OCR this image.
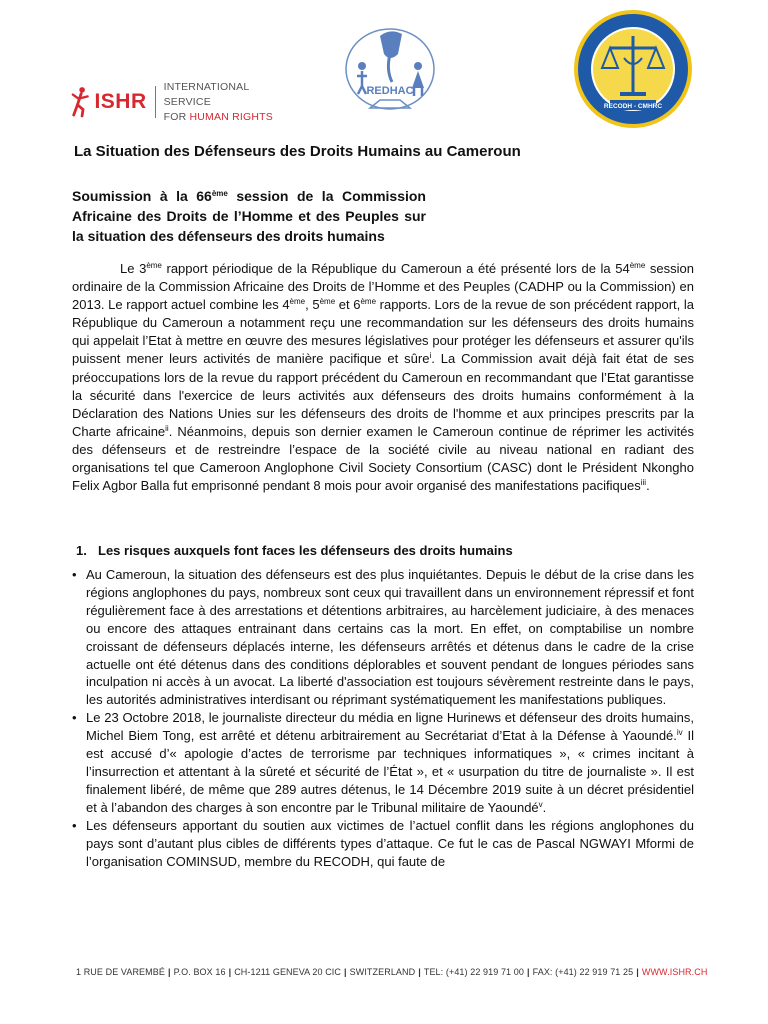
ISHR
INTERNATIONAL SERVICE
FOR HUMAN RIGHTS
REDHAC
RECODH - CMHRC
La Situation des Défenseurs des Droits Humains au Cameroun
Soumission à la 66ème session de la Commission
Africaine des Droits de l’Homme et des Peuples sur
la situation des défenseurs des droits humains

Le 3ème rapport périodique de la République du Cameroun a été présenté lors de la 54ème session ordinaire de la Commission Africaine des Droits de l’Homme et des Peuples (CADHP ou la Commission) en 2013. Le rapport actuel combine les 4ème, 5ème et 6ème rapports. Lors de la revue de son précédent rapport, la République du Cameroun a notamment reçu une recommandation sur les défenseurs des droits humains qui appelait l’Etat à mettre en œuvre des mesures législatives pour protéger les défenseurs et assurer qu'ils puissent mener leurs activités de manière pacifique et sûre$^i$. La Commission avait déjà fait état de ses préoccupations lors de la revue du rapport précédent du Cameroun en recommandant que l’Etat garantisse la sécurité dans l'exercice de leurs activités aux défenseurs des droits humains conformément à la Déclaration des Nations Unies sur les défenseurs des droits de l'homme et aux principes prescrits par la Charte africaine$^{ii}$. Néanmoins, depuis son dernier examen le Cameroun continue de réprimer les activités des défenseurs et de restreindre l’espace de la société civile au niveau national en radiant des organisations tel que Cameroon Anglophone Civil Society Consortium (CASC) dont le Président Nkongho Felix Agbor Balla fut emprisonné pendant 8 mois pour avoir organisé des manifestations pacifiques$^{iii}$.

1. Les risques auxquels font faces les défenseurs des droits humains
• Au Cameroun, la situation des défenseurs est des plus inquiétantes. Depuis le début de la crise dans les régions anglophones du pays, nombreux sont ceux qui travaillent dans un environnement répressif et font régulièrement face à des arrestations et détentions arbitraires, au harcèlement judiciaire, à des menaces ou encore des attaques entrainant dans certains cas la mort. En effet, on comptabilise un nombre croissant de défenseurs déplacés interne, les défenseurs arrêtés et détenus dans le cadre de la crise actuelle ont été détenus dans des conditions déplorables et souvent pendant de longues périodes sans inculpation ni accès à un avocat. La liberté d'association est toujours sévèrement restreinte dans le pays, les autorités administratives interdisant ou réprimant systématiquement les manifestations publiques.
• Le 23 Octobre 2018, le journaliste directeur du média en ligne Hurinews et défenseur des droits humains, Michel Biem Tong, est arrêté et détenu arbitrairement au Secrétariat d’Etat à la Défense à Yaoundé.$^{iv}$ Il est accusé d’« apologie d’actes de terrorisme par techniques informatiques », « crimes incitant à l’insurrection et attentant à la sûreté et sécurité de l’État », et « usurpation du titre de journaliste ». Il est finalement libéré, de même que 289 autres détenus, le 14 Décembre 2019 suite à un décret présidentiel et à l’abandon des charges à son encontre par le Tribunal militaire de Yaoundé$^v$.
• Les défenseurs apportant du soutien aux victimes de l’actuel conflit dans les régions anglophones du pays sont d’autant plus cibles de différents types d’attaque. Ce fut le cas de Pascal NGWAYI Mformi de l’organisation COMINSUD, membre du RECODH, qui faute de
1 RUE DE VAREMBÉ | P.O. BOX 16 | CH-1211 GENEVA 20 CIC | SWITZERLAND | TEL: (+41) 22 919 71 00 | FAX: (+41) 22 919 71 25 | WWW.ISHR.CH
